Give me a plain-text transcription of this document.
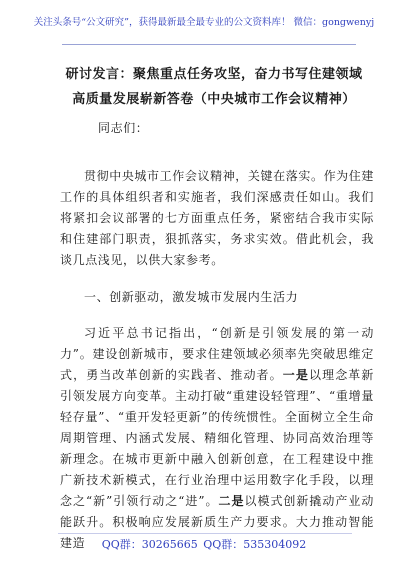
关注头条号“公文研究”，获得最新最全最专业的公文资料库！ 微信：gongwenyj
研讨发言：聚焦重点任务攻坚，奋力书写住建领域高质量发展崭新答卷（中央城市工作会议精神）
同志们：

贯彻中央城市工作会议精神，关键在落实。作为住建工作的具体组织者和实施者，我们深感责任如山。我们将紧扣会议部署的七方面重点任务，紧密结合我市实际和住建部门职责，狠抓落实，务求实效。借此机会，我谈几点浅见，以供大家参考。

一、创新驱动，激发城市发展内生活力

习近平总书记指出，“创新是引领发展的第一动力”。建设创新城市，要求住建领域必须率先突破思维定式，勇当改革创新的实践者、推动者。一是以理念革新引领发展方向变革。主动打破“重建设轻管理”、“重增量轻存量”、“重开发轻更新”的传统惯性。全面树立全生命周期管理、内涵式发展、精细化管理、协同高效治理等新理念。在城市更新中融入创新创意，在工程建设中推广新技术新模式，在行业治理中运用数字化手段，以理念之“新”引领行动之“进”。二是以模式创新撬动产业动能跃升。积极响应发展新质生产力要求。大力推动智能建造	QQ群：30265665 QQ群：535304092
